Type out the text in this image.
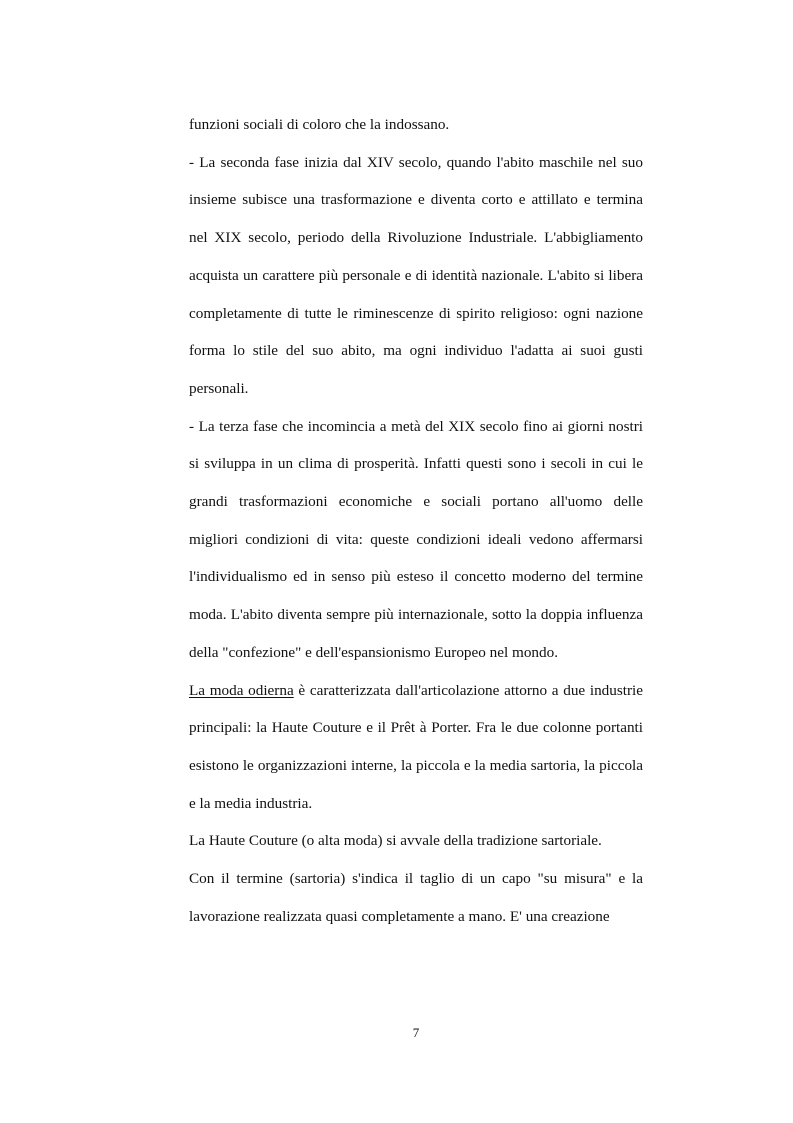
funzioni sociali di coloro che la indossano.

- La seconda fase inizia dal XIV secolo, quando l'abito maschile nel suo insieme subisce una trasformazione e diventa corto e attillato e termina nel XIX secolo, periodo della Rivoluzione Industriale. L'abbigliamento acquista un carattere più personale e di identità nazionale. L'abito si libera completamente di tutte le riminescenze di spirito religioso: ogni nazione forma lo stile del suo abito, ma ogni individuo l'adatta ai suoi gusti personali.

- La terza fase che incomincia a metà del XIX secolo fino ai giorni nostri si sviluppa in un clima di prosperità. Infatti questi sono i secoli in cui le grandi trasformazioni economiche e sociali portano all'uomo delle migliori condizioni di vita: queste condizioni ideali vedono affermarsi l'individualismo ed in senso più esteso il concetto moderno del termine moda. L'abito diventa sempre più internazionale, sotto la doppia influenza della "confezione" e dell'espansionismo Europeo nel mondo.

La moda odierna è caratterizzata dall'articolazione attorno a due industrie principali: la Haute Couture e il Prêt à Porter. Fra le due colonne portanti esistono le organizzazioni interne, la piccola e la media sartoria, la piccola e la media industria.

La Haute Couture (o alta moda) si avvale della tradizione sartoriale.

Con il termine (sartoria) s'indica il taglio di un capo "su misura" e la lavorazione realizzata quasi completamente a mano. E' una creazione

7
